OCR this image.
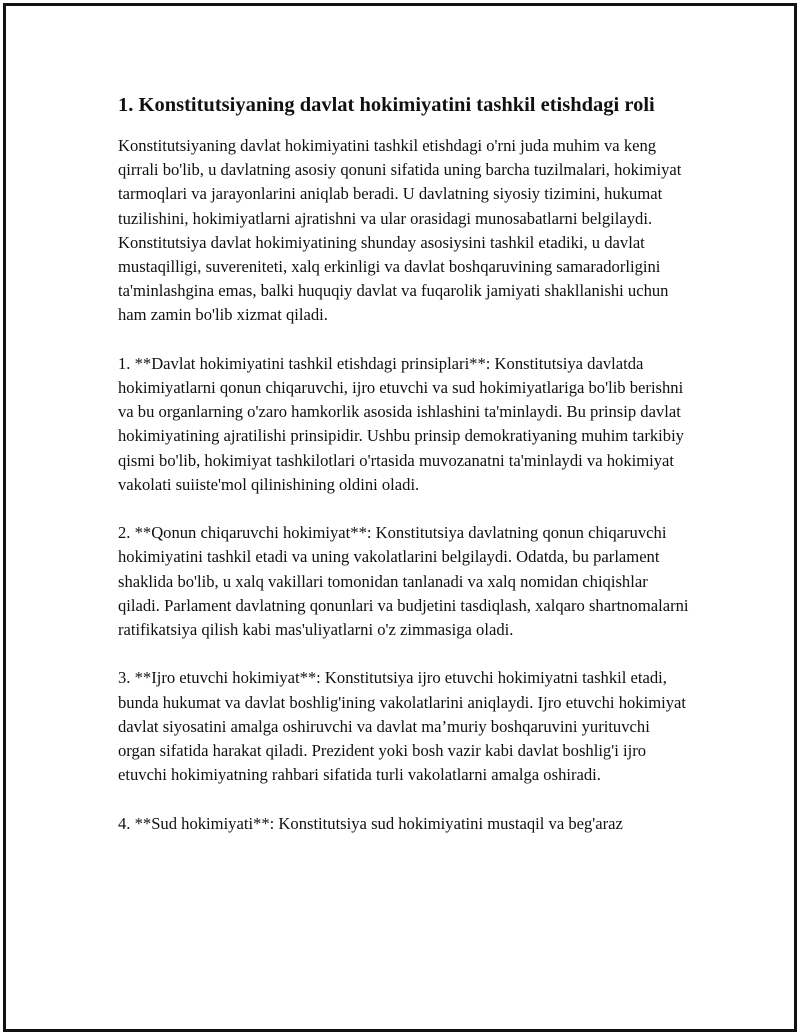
1. Konstitutsiyaning davlat hokimiyatini tashkil etishdagi roli

Konstitutsiyaning davlat hokimiyatini tashkil etishdagi o'rni juda muhim va keng qirrali bo'lib, u davlatning asosiy qonuni sifatida uning barcha tuzilmalari, hokimiyat tarmoqlari va jarayonlarini aniqlab beradi. U davlatning siyosiy tizimini, hukumat tuzilishini, hokimiyatlarni ajratishni va ular orasidagi munosabatlarni belgilaydi. Konstitutsiya davlat hokimiyatining shunday asosiysini tashkil etadiki, u davlat mustaqilligi, suvereniteti, xalq erkinligi va davlat boshqaruvining samaradorligini ta'minlashgina emas, balki huquqiy davlat va fuqarolik jamiyati shakllanishi uchun ham zamin bo'lib xizmat qiladi.

1. **Davlat hokimiyatini tashkil etishdagi prinsiplari**: Konstitutsiya davlatda hokimiyatlarni qonun chiqaruvchi, ijro etuvchi va sud hokimiyatlariga bo'lib berishni va bu organlarning o'zaro hamkorlik asosida ishlashini ta'minlaydi. Bu prinsip davlat hokimiyatining ajratilishi prinsipidir. Ushbu prinsip demokratiyaning muhim tarkibiy qismi bo'lib, hokimiyat tashkilotlari o'rtasida muvozanatni ta'minlaydi va hokimiyat vakolati suiiste'mol qilinishining oldini oladi.

2. **Qonun chiqaruvchi hokimiyat**: Konstitutsiya davlatning qonun chiqaruvchi hokimiyatini tashkil etadi va uning vakolatlarini belgilaydi. Odatda, bu parlament shaklida bo'lib, u xalq vakillari tomonidan tanlanadi va xalq nomidan chiqishlar qiladi. Parlament davlatning qonunlari va budjetini tasdiqlash, xalqaro shartnomalarni ratifikatsiya qilish kabi mas'uliyatlarni o'z zimmasiga oladi.

3. **Ijro etuvchi hokimiyat**: Konstitutsiya ijro etuvchi hokimiyatni tashkil etadi, bunda hukumat va davlat boshlig'ining vakolatlarini aniqlaydi. Ijro etuvchi hokimiyat davlat siyosatini amalga oshiruvchi va davlat ma’muriy boshqaruvini yurituvchi organ sifatida harakat qiladi. Prezident yoki bosh vazir kabi davlat boshlig'i ijro etuvchi hokimiyatning rahbari sifatida turli vakolatlarni amalga oshiradi.

4. **Sud hokimiyati**: Konstitutsiya sud hokimiyatini mustaqil va beg'araz
